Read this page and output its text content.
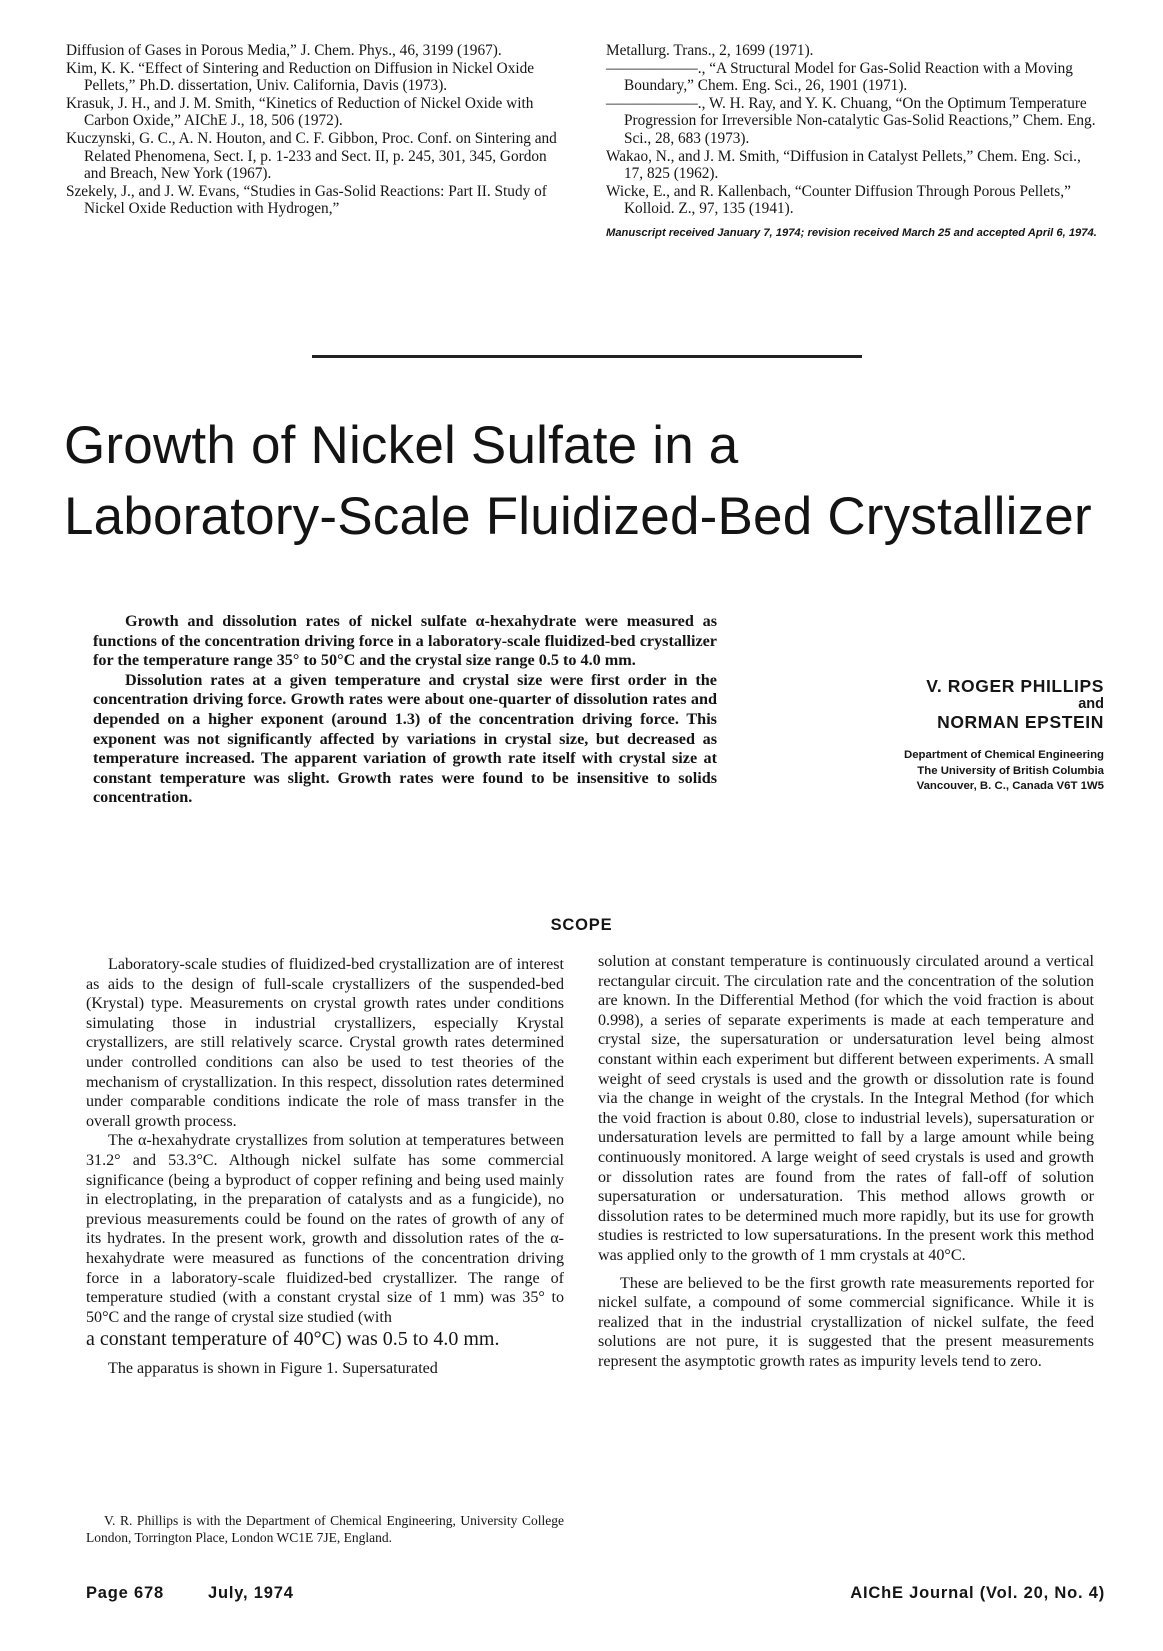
Diffusion of Gases in Porous Media,” J. Chem. Phys., 46, 3199 (1967).

Kim, K. K. “Effect of Sintering and Reduction on Diffusion in Nickel Oxide Pellets,” Ph.D. dissertation, Univ. California, Davis (1973).

Krasuk, J. H., and J. M. Smith, “Kinetics of Reduction of Nickel Oxide with Carbon Oxide,” AIChE J., 18, 506 (1972).

Kuczynski, G. C., A. N. Houton, and C. F. Gibbon, Proc. Conf. on Sintering and Related Phenomena, Sect. I, p. 1-233 and Sect. II, p. 245, 301, 345, Gordon and Breach, New York (1967).

Szekely, J., and J. W. Evans, “Studies in Gas-Solid Reactions: Part II. Study of Nickel Oxide Reduction with Hydrogen,”

Metallurg. Trans., 2, 1699 (1971).

——————., “A Structural Model for Gas-Solid Reaction with a Moving Boundary,” Chem. Eng. Sci., 26, 1901 (1971).

——————., W. H. Ray, and Y. K. Chuang, “On the Optimum Temperature Progression for Irreversible Non-catalytic Gas-Solid Reactions,” Chem. Eng. Sci., 28, 683 (1973).

Wakao, N., and J. M. Smith, “Diffusion in Catalyst Pellets,” Chem. Eng. Sci., 17, 825 (1962).

Wicke, E., and R. Kallenbach, “Counter Diffusion Through Porous Pellets,” Kolloid. Z., 97, 135 (1941).

Manuscript received January 7, 1974; revision received March 25 and accepted April 6, 1974.
Growth of Nickel Sulfate in a
Laboratory-Scale Fluidized-Bed Crystallizer

Growth and dissolution rates of nickel sulfate α-hexahydrate were measured as functions of the concentration driving force in a laboratory-scale fluidized-bed crystallizer for the temperature range 35° to 50°C and the crystal size range 0.5 to 4.0 mm.

Dissolution rates at a given temperature and crystal size were first order in the concentration driving force. Growth rates were about one-quarter of dissolution rates and depended on a higher exponent (around 1.3) of the concentration driving force. This exponent was not significantly affected by variations in crystal size, but decreased as temperature increased. The apparent variation of growth rate itself with crystal size at constant temperature was slight. Growth rates were found to be insensitive to solids concentration.

V. ROGER PHILLIPS
and
NORMAN EPSTEIN
Department of Chemical Engineering
The University of British Columbia
Vancouver, B. C., Canada V6T 1W5
SCOPE

Laboratory-scale studies of fluidized-bed crystallization are of interest as aids to the design of full-scale crystallizers of the suspended-bed (Krystal) type. Measurements on crystal growth rates under conditions simulating those in industrial crystallizers, especially Krystal crystallizers, are still relatively scarce. Crystal growth rates determined under controlled conditions can also be used to test theories of the mechanism of crystallization. In this respect, dissolution rates determined under comparable conditions indicate the role of mass transfer in the overall growth process.

The α-hexahydrate crystallizes from solution at temperatures between 31.2° and 53.3°C. Although nickel sulfate has some commercial significance (being a byproduct of copper refining and being used mainly in electroplating, in the preparation of catalysts and as a fungicide), no previous measurements could be found on the rates of growth of any of its hydrates. In the present work, growth and dissolution rates of the α-hexahydrate were measured as functions of the concentration driving force in a laboratory-scale fluidized-bed crystallizer. The range of temperature studied (with a constant crystal size of 1 mm) was 35° to 50°C and the range of crystal size studied (with

a constant temperature of 40°C) was 0.5 to 4.0 mm.

The apparatus is shown in Figure 1. Supersaturated

solution at constant temperature is continuously circulated around a vertical rectangular circuit. The circulation rate and the concentration of the solution are known. In the Differential Method (for which the void fraction is about 0.998), a series of separate experiments is made at each temperature and crystal size, the supersaturation or undersaturation level being almost constant within each experiment but different between experiments. A small weight of seed crystals is used and the growth or dissolution rate is found via the change in weight of the crystals. In the Integral Method (for which the void fraction is about 0.80, close to industrial levels), supersaturation or undersaturation levels are permitted to fall by a large amount while being continuously monitored. A large weight of seed crystals is used and growth or dissolution rates are found from the rates of fall-off of solution supersaturation or undersaturation. This method allows growth or dissolution rates to be determined much more rapidly, but its use for growth studies is restricted to low supersaturations. In the present work this method was applied only to the growth of 1 mm crystals at 40°C.

These are believed to be the first growth rate measurements reported for nickel sulfate, a compound of some commercial significance. While it is realized that in the industrial crystallization of nickel sulfate, the feed solutions are not pure, it is suggested that the present measurements represent the asymptotic growth rates as impurity levels tend to zero.

V. R. Phillips is with the Department of Chemical Engineering, University College London, Torrington Place, London WC1E 7JE, England.

Page 678	July, 1974	AIChE Journal (Vol. 20, No. 4)
